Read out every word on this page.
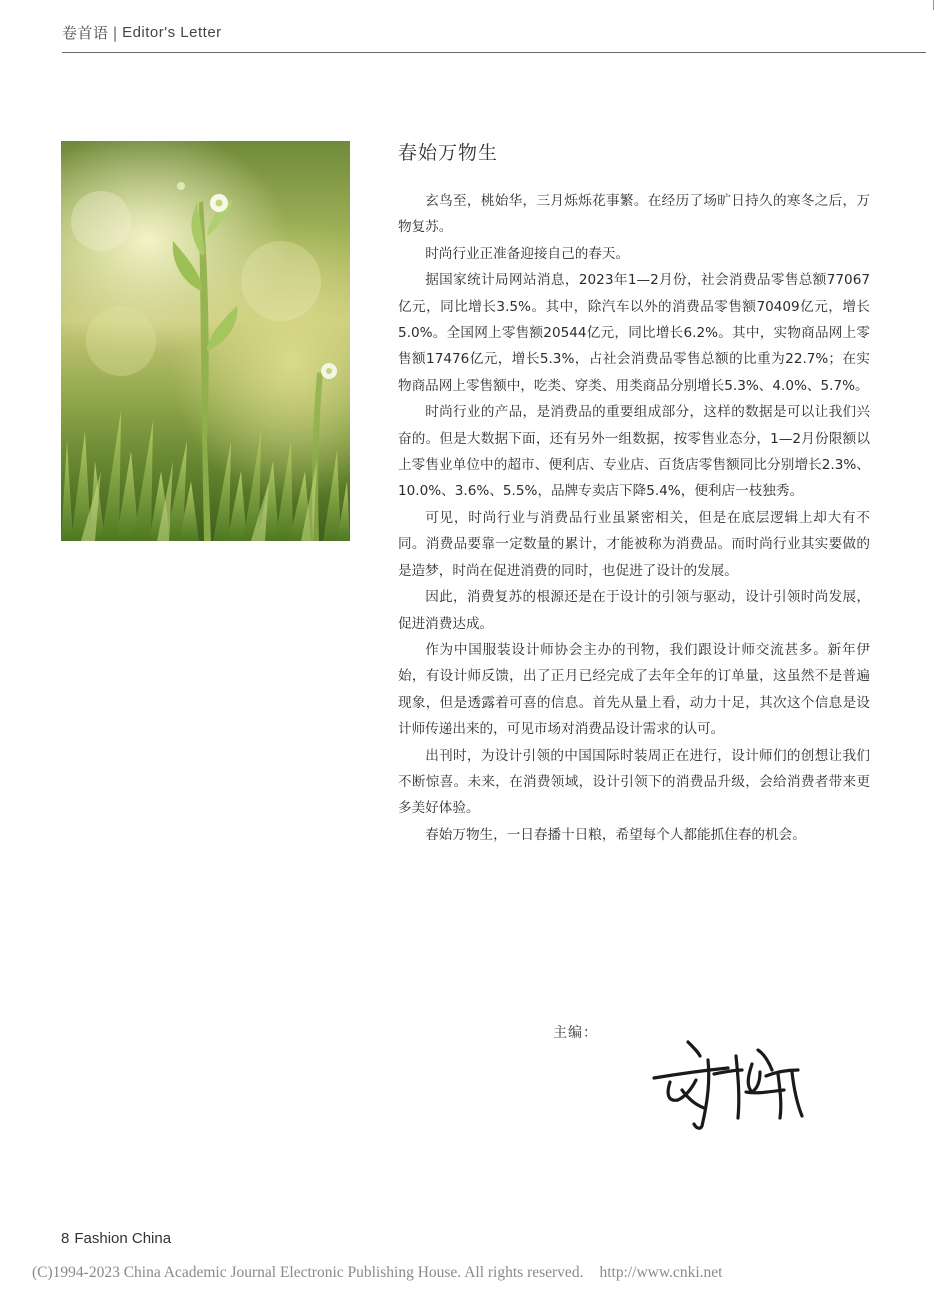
卷首语 | Editor's Letter
春始万物生

玄鸟至，桃始华，三月烁烁花事繁。在经历了场旷日持久的寒冬之后，万物复苏。

时尚行业正准备迎接自己的春天。

据国家统计局网站消息，2023年1—2月份，社会消费品零售总额77067亿元，同比增长3.5%。其中，除汽车以外的消费品零售额70409亿元，增长5.0%。全国网上零售额20544亿元，同比增长6.2%。其中，实物商品网上零售额17476亿元，增长5.3%，占社会消费品零售总额的比重为22.7%；在实物商品网上零售额中，吃类、穿类、用类商品分别增长5.3%、4.0%、5.7%。

时尚行业的产品，是消费品的重要组成部分，这样的数据是可以让我们兴奋的。但是大数据下面，还有另外一组数据，按零售业态分，1—2月份限额以上零售业单位中的超市、便利店、专业店、百货店零售额同比分别增长2.3%、10.0%、3.6%、5.5%，品牌专卖店下降5.4%，便利店一枝独秀。

可见，时尚行业与消费品行业虽紧密相关，但是在底层逻辑上却大有不同。消费品要靠一定数量的累计，才能被称为消费品。而时尚行业其实要做的是造梦，时尚在促进消费的同时，也促进了设计的发展。

因此，消费复苏的根源还是在于设计的引领与驱动，设计引领时尚发展，促进消费达成。

作为中国服装设计师协会主办的刊物，我们跟设计师交流甚多。新年伊始，有设计师反馈，出了正月已经完成了去年全年的订单量，这虽然不是普遍现象，但是透露着可喜的信息。首先从量上看，动力十足，其次这个信息是设计师传递出来的，可见市场对消费品设计需求的认可。

出刊时，为设计引领的中国国际时装周正在进行，设计师们的创想让我们不断惊喜。未来，在消费领域，设计引领下的消费品升级，会给消费者带来更多美好体验。

春始万物生，一日春播十日粮，希望每个人都能抓住春的机会。

主编：
8 Fashion China
(C)1994-2023 China Academic Journal Electronic Publishing House. All rights reserved. http://www.cnki.net
